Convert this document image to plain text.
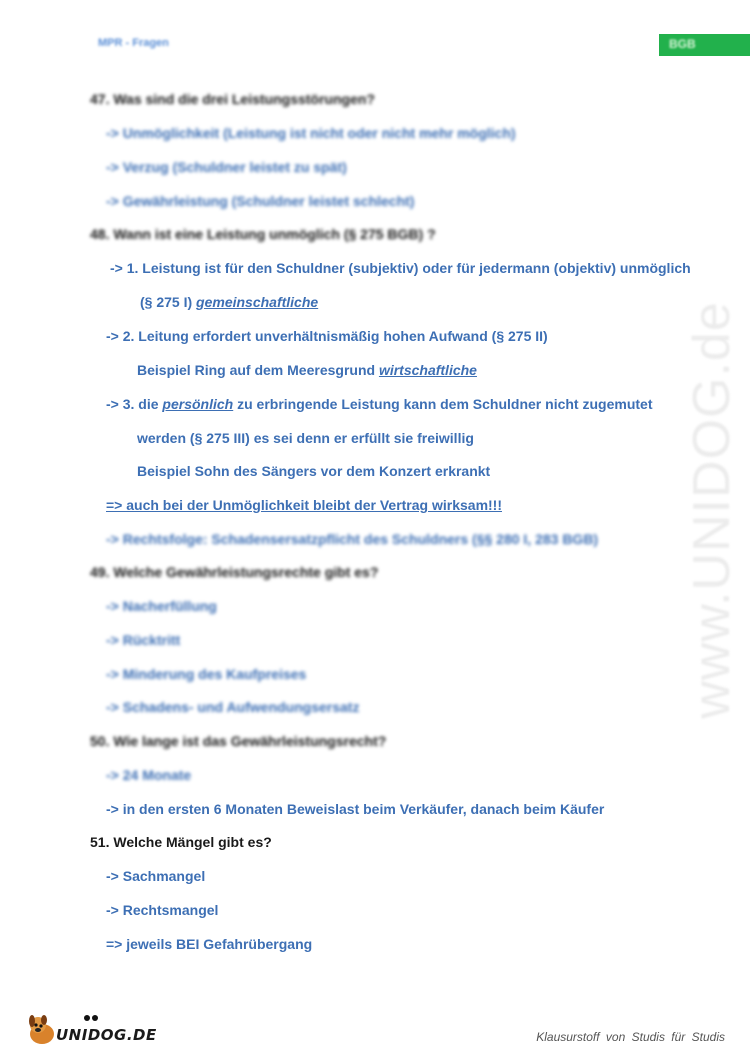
MPR - Fragen	BGB
www.UNIDOG.de
47. Was sind die drei Leistungsstörungen?
-> Unmöglichkeit (Leistung ist nicht oder nicht mehr möglich)
-> Verzug (Schuldner leistet zu spät)
-> Gewährleistung (Schuldner leistet schlecht)
48. Wann ist eine Leistung unmöglich (§ 275 BGB) ?
-> 1. Leistung ist für den Schuldner (subjektiv) oder für jedermann (objektiv) unmöglich
(§ 275 I) gemeinschaftliche
-> 2. Leitung erfordert unverhältnismäßig hohen Aufwand (§ 275 II)
Beispiel Ring auf dem Meeresgrund wirtschaftliche
-> 3. die persönlich zu erbringende Leistung kann dem Schuldner nicht zugemutet
werden (§ 275 III) es sei denn er erfüllt sie freiwillig
Beispiel Sohn des Sängers vor dem Konzert erkrankt
=> auch bei der Unmöglichkeit bleibt der Vertrag wirksam!!!
-> Rechtsfolge: Schadensersatzpflicht des Schuldners (§§ 280 I, 283 BGB)
49. Welche Gewährleistungsrechte gibt es?
-> Nacherfüllung
-> Rücktritt
-> Minderung des Kaufpreises
-> Schadens- und Aufwendungsersatz
50. Wie lange ist das Gewährleistungsrecht?
-> 24 Monate
-> in den ersten 6 Monaten Beweislast beim Verkäufer, danach beim Käufer
51. Welche Mängel gibt es?
-> Sachmangel
-> Rechtsmangel
=> jeweils BEI Gefahrübergang
UNIDOG.DE	Klausurstoff von Studis für Studis
